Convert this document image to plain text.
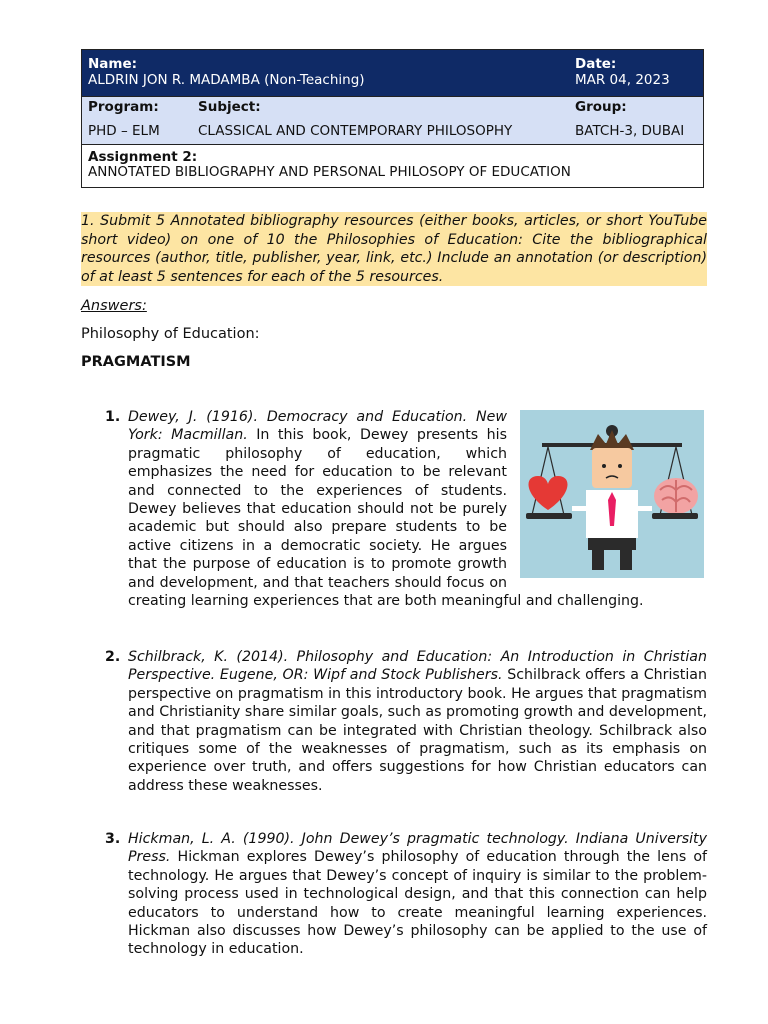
Name:
ALDRIN JON R. MADAMBA (Non-Teaching)
Date:
MAR 04, 2023
Program:
PHD – ELM
Subject:
CLASSICAL AND CONTEMPORARY PHILOSOPHY
Group:
BATCH-3, DUBAI
Assignment 2:
ANNOTATED BIBLIOGRAPHY AND PERSONAL PHILOSOPY OF EDUCATION
1. Submit 5 Annotated bibliography resources (either books, articles, or short YouTube short video) on one of 10 the Philosophies of Education: Cite the bibliographical resources (author, title, publisher, year, link, etc.) Include an annotation (or description) of at least 5 sentences for each of the 5 resources.
Answers:
Philosophy of Education:
PRAGMATISM
1. Dewey, J. (1916). Democracy and Education. New York: Macmillan. In this book, Dewey presents his pragmatic philosophy of education, which emphasizes the need for education to be relevant and connected to the experiences of students. Dewey believes that education should not be purely academic but should also prepare students to be active citizens in a democratic society. He argues that the purpose of education is to promote growth and development, and that teachers should focus on creating learning experiences that are both meaningful and challenging.
2. Schilbrack, K. (2014). Philosophy and Education: An Introduction in Christian Perspective. Eugene, OR: Wipf and Stock Publishers. Schilbrack offers a Christian perspective on pragmatism in this introductory book. He argues that pragmatism and Christianity share similar goals, such as promoting growth and development, and that pragmatism can be integrated with Christian theology. Schilbrack also critiques some of the weaknesses of pragmatism, such as its emphasis on experience over truth, and offers suggestions for how Christian educators can address these weaknesses.
3. Hickman, L. A. (1990). John Dewey’s pragmatic technology. Indiana University Press. Hickman explores Dewey’s philosophy of education through the lens of technology. He argues that Dewey’s concept of inquiry is similar to the problem-solving process used in technological design, and that this connection can help educators to understand how to create meaningful learning experiences. Hickman also discusses how Dewey’s philosophy can be applied to the use of technology in education.
